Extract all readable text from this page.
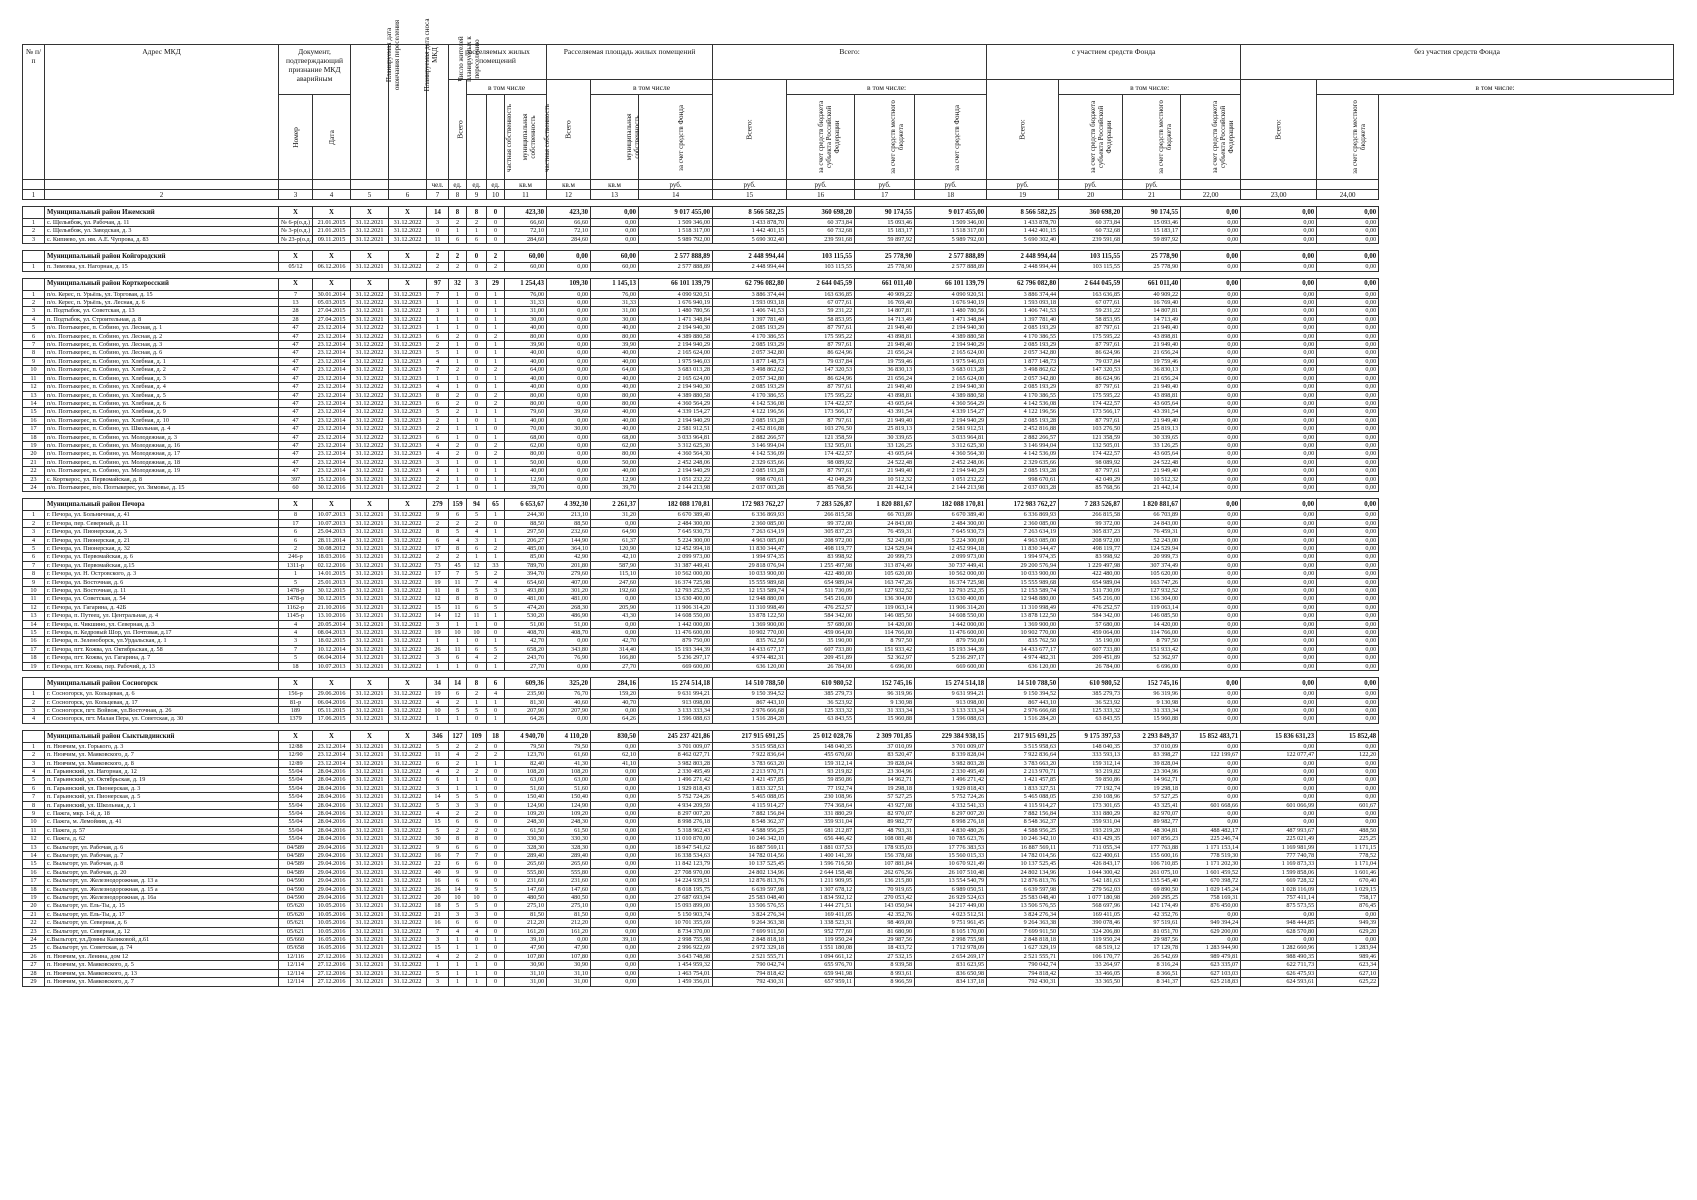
№ п/п	Адрес МКД	Документ, подтверждающий признание МКД аварийным		Планируемая дата окончания переселения	Планируемая дата сноса МКД	Число жителей планируемых к переселению	расселяемых жилых помещений				Расселяемая площадь жилых помещений			Всего:				с участием средств Фонда				без участия средств Фонда	
							Всего	в том числе			Всего	в том числе		Всего:	в том числе:			Всего:	в том числе:			Всего:	в том числе:
		Номер	Дата					частная собственность	муниципальная собственность	частная собственность		муниципальная собственность	за счет средств Фонда		за счет средств бюджета субъекта Российской Федерации	за счет средств местного бюджета	за счет средств Фонда		за счет средств бюджета субъекта Российской Федерации	за счет средств местного бюджета	за счет средств бюджета субъекта Российской Федерации		за счет средств местного бюджета
						чел.	ед.	ед.	ед.	кв.м	кв.м	кв.м	руб.	руб.	руб.	руб.	руб.	руб.	руб.	руб.			
1	2	3	4	5	6	7	8	9	10	11	12	13	14	15	16	17	18	19	20	21	22,00	23,00	24,00

	Муниципальный район Ижемский	X	X	X	X	14	8	8	0	423,30	423,30	0,00	9 017 455,00	8 566 582,25	360 698,20	90 174,55	9 017 455,00	8 566 582,25	360 698,20	90 174,55	0,00	0,00	0,00
1	с. Щельябож, ул. Рабочая, д. 11	№ 6-р(о.д.)	21.01.2015	31.12.2021	31.12.2022	3	2	2	0	66,60	66,60	0,00	1 509 346,00	1 433 878,70	60 373,84	15 093,46	1 509 346,00	1 433 878,70	60 373,84	15 093,46	0,00	0,00	0,00
2	с. Щельябож, ул. Заводская, д. 3	№ 3-р(о.д.)	21.01.2015	31.12.2021	31.12.2022	0	1	1	0	72,10	72,10	0,00	1 518 317,00	1 442 401,15	60 732,68	15 183,17	1 518 317,00	1 442 401,15	60 732,68	15 183,17	0,00	0,00	0,00
3	с. Кипиево, ул. им. А.Е. Чупрова, д. 83	№ 23-р(о.д.)	09.11.2015	31.12.2021	31.12.2022	11	6	6	0	284,60	284,60	0,00	5 989 792,00	5 690 302,40	239 591,68	59 897,92	5 989 792,00	5 690 302,40	239 591,68	59 897,92	0,00	0,00	0,00

	Муниципальный район Койгородский	X	X	X	X	2	2	0	2	60,00	0,00	60,00	2 577 888,89	2 448 994,44	103 115,55	25 778,90	2 577 888,89	2 448 994,44	103 115,55	25 778,90	0,00	0,00	0,00
1	п. Зимовка, ул. Нагорная, д. 15	05/12	06.12.2016	31.12.2021	31.12.2022	2	2	0	2	60,00	0,00	60,00	2 577 888,89	2 448 994,44	103 115,55	25 778,90	2 577 888,89	2 448 994,44	103 115,55	25 778,90	0,00	0,00	0,00

	Муниципальный район Корткеросский	X	X	X	X	97	32	3	29	1 254,43	109,30	1 145,13	66 101 139,79	62 796 082,80	2 644 045,59	661 011,40	66 101 139,79	62 796 082,80	2 644 045,59	661 011,40	0,00	0,00	0,00
1	п/о. Керес, п. Урьёль, ул. Торговая, д. 15	7	30.01.2014	31.12.2022	31.12.2023	7	1	0	1	76,00	0,00	76,00	4 090 920,51	3 886 374,44	163 636,85	40 909,22	4 090 920,51	3 886 374,44	163 636,85	40 909,22	0,00	0,00	0,00
2	п/о. Керес, п. Урьёль, ул. Лесная, д. 6	13	05.03.2015	31.12.2022	31.12.2023	1	1	0	1	31,33	0,00	31,33	1 676 940,19	1 593 093,18	67 077,61	16 769,40	1 676 940,19	1 593 093,18	67 077,61	16 769,40	0,00	0,00	0,00
3	п. Подтыбок, ул. Советская, д. 13	28	27.04.2015	31.12.2021	31.12.2022	3	1	0	1	31,00	0,00	31,00	1 480 780,56	1 406 741,53	59 231,22	14 807,81	1 480 780,56	1 406 741,53	59 231,22	14 807,81	0,00	0,00	0,00
4	п. Подтыбок, ул. Строительная, д. 8	28	27.04.2015	31.12.2021	31.12.2022	1	1	0	1	30,00	0,00	30,00	1 471 348,84	1 397 781,40	58 853,95	14 713,49	1 471 348,84	1 397 781,40	58 853,95	14 713,49	0,00	0,00	0,00
5	п/о. Позтыкерес, п. Собино, ул. Лесная, д. 1	47	23.12.2014	31.12.2022	31.12.2023	1	1	0	1	40,00	0,00	40,00	2 194 940,30	2 085 193,29	87 797,61	21 949,40	2 194 940,30	2 085 193,29	87 797,61	21 949,40	0,00	0,00	0,00
6	п/о. Позтыкерес, п. Собино, ул. Лесная, д. 2	47	23.12.2014	31.12.2022	31.12.2023	6	2	0	2	80,00	0,00	80,00	4 389 880,58	4 170 386,55	175 595,22	43 898,81	4 389 880,58	4 170 386,55	175 595,22	43 898,81	0,00	0,00	0,00
7	п/о. Позтыкерес, п. Собино, ул. Лесная, д. 3	47	23.12.2014	31.12.2022	31.12.2023	2	1	0	1	39,90	0,00	39,90	2 194 940,29	2 085 193,29	87 797,61	21 949,40	2 194 940,29	2 085 193,29	87 797,61	21 949,40	0,00	0,00	0,00
8	п/о. Позтыкерес, п. Собино, ул. Лесная, д. 6	47	23.12.2014	31.12.2022	31.12.2023	5	1	0	1	40,00	0,00	40,00	2 165 624,00	2 057 342,80	86 624,96	21 656,24	2 165 624,00	2 057 342,80	86 624,96	21 656,24	0,00	0,00	0,00
9	п/о. Позтыкерес, п. Собино, ул. Хлебная, д. 1	47	23.12.2014	31.12.2022	31.12.2023	4	1	0	1	40,00	0,00	40,00	1 975 946,03	1 877 148,73	79 037,84	19 759,46	1 975 946,03	1 877 148,73	79 037,84	19 759,46	0,00	0,00	0,00
10	п/о. Позтыкерес, п. Собино, ул. Хлебная, д. 2	47	23.12.2014	31.12.2022	31.12.2023	7	2	0	2	64,00	0,00	64,00	3 683 013,28	3 498 862,62	147 320,53	36 830,13	3 683 013,28	3 498 862,62	147 320,53	36 830,13	0,00	0,00	0,00
11	п/о. Позтыкерес, п. Собино, ул. Хлебная, д. 3	47	23.12.2014	31.12.2022	31.12.2023	1	1	0	1	40,00	0,00	40,00	2 165 624,00	2 057 342,80	86 624,96	21 656,24	2 165 624,00	2 057 342,80	86 624,96	21 656,24	0,00	0,00	0,00
12	п/о. Позтыкерес, п. Собино, ул. Хлебная, д. 4	47	23.12.2014	31.12.2022	31.12.2023	4	1	0	1	40,00	0,00	40,00	2 194 940,30	2 085 193,29	87 797,61	21 949,40	2 194 940,30	2 085 193,29	87 797,61	21 949,40	0,00	0,00	0,00
13	п/о. Позтыкерес, п. Собино, ул. Хлебная, д. 5	47	23.12.2014	31.12.2022	31.12.2023	8	2	0	2	80,00	0,00	80,00	4 389 880,58	4 170 386,55	175 595,22	43 898,81	4 389 880,58	4 170 386,55	175 595,22	43 898,81	0,00	0,00	0,00
14	п/о. Позтыкерес, п. Собино, ул. Хлебная, д. 6	47	23.12.2014	31.12.2022	31.12.2023	6	2	0	2	80,00	0,00	80,00	4 360 564,29	4 142 536,08	174 422,57	43 605,64	4 360 564,29	4 142 536,08	174 422,57	43 605,64	0,00	0,00	0,00
15	п/о. Позтыкерес, п. Собино, ул. Хлебная, д. 9	47	23.12.2014	31.12.2022	31.12.2023	5	2	1	1	79,60	39,60	40,00	4 339 154,27	4 122 196,56	173 566,17	43 391,54	4 339 154,27	4 122 196,56	173 566,17	43 391,54	0,00	0,00	0,00
16	п/о. Позтыкерес, п. Собино, ул. Хлебная, д. 10	47	23.12.2014	31.12.2022	31.12.2023	2	1	0	1	40,00	0,00	40,00	2 194 940,29	2 085 193,28	87 797,61	21 949,40	2 194 940,29	2 085 193,28	87 797,61	21 949,40	0,00	0,00	0,00
17	п/о. Позтыкерес, п. Собино, ул. Школьная, д. 4	47	23.12.2014	31.12.2022	31.12.2023	2	1	1	0	70,00	30,00	40,00	2 581 912,51	2 452 816,88	103 276,50	25 819,13	2 581 912,51	2 452 816,88	103 276,50	25 819,13	0,00	0,00	0,00
18	п/о. Позтыкерес, п. Собино, ул. Молодежная, д. 3	47	23.12.2014	31.12.2022	31.12.2023	6	1	0	1	68,00	0,00	68,00	3 033 964,81	2 882 266,57	121 358,59	30 339,65	3 033 964,81	2 882 266,57	121 358,59	30 339,65	0,00	0,00	0,00
19	п/о. Позтыкерес, п. Собино, ул. Молодежная, д. 16	47	23.12.2014	31.12.2022	31.12.2023	4	2	0	2	62,00	0,00	62,00	3 312 625,30	3 146 994,04	132 505,01	33 126,25	3 312 625,30	3 146 994,04	132 505,01	33 126,25	0,00	0,00	0,00
20	п/о. Позтыкерес, п. Собино, ул. Молодежная, д. 17	47	23.12.2014	31.12.2022	31.12.2023	4	2	0	2	80,00	0,00	80,00	4 360 564,30	4 142 536,09	174 422,57	43 605,64	4 360 564,30	4 142 536,09	174 422,57	43 605,64	0,00	0,00	0,00
21	п/о. Позтыкерес, п. Собино, ул. Молодежная, д. 18	47	23.12.2014	31.12.2022	31.12.2023	3	1	0	1	50,00	0,00	50,00	2 452 248,06	2 329 635,66	98 089,92	24 522,48	2 452 248,06	2 329 635,66	98 089,92	24 522,48	0,00	0,00	0,00
22	п/о. Позтыкерес, п. Собино, ул. Молодежная, д. 19	47	23.12.2014	31.12.2022	31.12.2023	4	1	0	1	40,00	0,00	40,00	2 194 940,29	2 085 193,28	87 797,61	21 949,40	2 194 940,29	2 085 193,28	87 797,61	21 949,40	0,00	0,00	0,00
23	с. Корткерос, ул. Первомайская, д. 8	397	15.12.2016	31.12.2021	31.12.2022	2	1	0	1	12,90	0,00	12,90	1 051 232,22	998 670,61	42 049,29	10 512,32	1 051 232,22	998 670,61	42 049,29	10 512,32	0,00	0,00	0,00
24	п/о. Позтыкерес, п/о. Позтыкерес, ул. Зимовье, д. 15	60	30.12.2016	31.12.2021	31.12.2022	2	1	0	1	39,70	0,00	39,70	2 144 213,98	2 037 003,28	85 768,56	21 442,14	2 144 213,98	2 037 003,28	85 768,56	21 442,14	0,00	0,00	0,00

	Муниципальный район Печора	X	X	X	X	279	159	94	65	6 653,67	4 392,30	2 261,37	182 088 170,81	172 983 762,27	7 283 526,87	1 820 881,67	182 088 170,81	172 983 762,27	7 283 526,87	1 820 881,67	0,00	0,00	0,00
1	г. Печора, ул. Больничная, д. 41	8	10.07.2013	31.12.2021	31.12.2022	9	6	5	1	244,30	213,10	31,20	6 670 389,40	6 336 869,93	266 815,58	66 703,89	6 670 389,40	6 336 869,93	266 815,58	66 703,89	0,00	0,00	0,00
2	г. Печора, пер. Северный, д. 11	17	10.07.2013	31.12.2021	31.12.2022	2	2	2	0	88,50	88,50	0,00	2 484 300,00	2 360 085,00	99 372,00	24 843,00	2 484 300,00	2 360 085,00	99 372,00	24 843,00	0,00	0,00	0,00
3	г. Печора, ул. Пионерская, д. 3	6	25.04.2013	31.12.2021	31.12.2022	8	5	4	1	297,50	232,60	64,90	7 645 930,73	7 263 634,19	305 837,23	76 459,31	7 645 930,73	7 263 634,19	305 837,23	76 459,31	0,00	0,00	0,00
4	г. Печора, ул. Пионерская, д. 21	6	28.11.2014	31.12.2021	31.12.2022	6	4	3	1	206,27	144,90	61,37	5 224 300,00	4 963 085,00	208 972,00	52 243,00	5 224 300,00	4 963 085,00	208 972,00	52 243,00	0,00	0,00	0,00
5	г. Печора, ул. Пионерская, д. 32	2	30.08.2012	31.12.2021	31.12.2022	17	8	6	2	485,00	364,10	120,90	12 452 994,18	11 830 344,47	498 119,77	124 529,94	12 452 994,18	11 830 344,47	498 119,77	124 529,94	0,00	0,00	0,00
6	г. Печора, ул. Первомайская, д. 6	246-р	18.03.2016	31.12.2021	31.12.2022	2	2	1	1	85,00	42,90	42,10	2 099 973,00	1 994 974,35	83 998,92	20 999,73	2 099 973,00	1 994 974,35	83 998,92	20 999,73	0,00	0,00	0,00
7	г. Печора, ул. Первомайская, д.15	1311-р	02.12.2016	31.12.2021	31.12.2022	73	45	12	33	789,70	201,80	587,90	31 387 449,41	29 818 076,94	1 255 497,98	313 874,49	30 737 449,41	29 200 576,94	1 229 497,98	307 374,49	0,00	0,00	0,00
8	г. Печора, ул. Н. Островского, д. 3	1	14.01.2015	31.12.2021	31.12.2022	17	7	5	2	394,70	279,60	115,10	10 562 000,00	10 033 900,00	422 480,00	105 620,00	10 562 000,00	10 033 900,00	422 480,00	105 620,00	0,00	0,00	0,00
9	г. Печора, ул. Восточная, д. 6	5	25.01.2013	31.12.2021	31.12.2022	19	11	7	4	654,60	407,00	247,60	16 374 725,98	15 555 989,68	654 989,04	163 747,26	16 374 725,98	15 555 989,68	654 989,04	163 747,26	0,00	0,00	0,00
10	г. Печора, ул. Восточная, д. 11	1478-р	30.12.2015	31.12.2021	31.12.2022	11	8	5	3	493,80	301,20	192,60	12 793 252,35	12 153 589,74	511 730,09	127 932,52	12 793 252,35	12 153 589,74	511 730,09	127 932,52	0,00	0,00	0,00
11	г. Печора, ул. Советская, д. 54	1478-р	30.12.2015	31.12.2021	31.12.2022	12	8	8	0	481,00	481,00	0,00	13 630 400,00	12 948 880,00	545 216,00	136 304,00	13 630 400,00	12 948 880,00	545 216,00	136 304,00	0,00	0,00	0,00
12	г. Печора, ул. Гагарина, д. 42Б	1162-р	21.10.2016	31.12.2021	31.12.2022	15	11	6	5	474,20	268,30	205,90	11 906 314,20	11 310 998,49	476 252,57	119 063,14	11 906 314,20	11 310 998,49	476 252,57	119 063,14	0,00	0,00	0,00
13	г. Печора, п. Путеец, ул. Центральная, д. 4	1145-р	13.10.2016	31.12.2021	31.12.2022	14	12	11	1	530,20	486,90	43,30	14 608 550,00	13 878 122,50	584 342,00	146 085,50	14 608 550,00	13 878 122,50	584 342,00	146 085,50	0,00	0,00	0,00
14	г. Печора, п. Чикшино, ул. Северная, д. 3	4	20.05.2014	31.12.2021	31.12.2022	3	1	1	0	51,00	51,00	0,00	1 442 000,00	1 369 900,00	57 680,00	14 420,00	1 442 000,00	1 369 900,00	57 680,00	14 420,00	0,00	0,00	0,00
15	г. Печора, п. Кедровый Шор, ул. Почтовая, д.17	4	08.04.2013	31.12.2021	31.12.2022	19	10	10	0	408,70	408,70	0,00	11 476 600,00	10 902 770,00	459 064,00	114 766,00	11 476 600,00	10 902 770,00	459 064,00	114 766,00	0,00	0,00	0,00
16	г. Печора, п. Зеленоборск, ул.Урдальская, д. 1	3	18.02.2015	31.12.2021	31.12.2022	1	1	0	1	42,70	0,00	42,70	879 750,00	835 762,50	35 190,00	8 797,50	879 750,00	835 762,50	35 190,00	8 797,50	0,00	0,00	0,00
17	г. Печора, пгт. Кожва, ул. Октябрьская, д. 58	7	10.12.2014	31.12.2021	31.12.2022	26	11	6	5	658,20	343,80	314,40	15 193 344,39	14 433 677,17	607 733,80	151 933,42	15 193 344,39	14 433 677,17	607 733,80	151 933,42	0,00	0,00	0,00
18	г. Печора, пгт. Кожва, ул. Гагарина, д. 7	5	06.04.2014	31.12.2021	31.12.2022	3	6	4	2	243,70	76,90	166,80	5 236 297,17	4 974 482,31	209 451,89	52 362,97	5 236 297,17	4 974 482,31	209 451,89	52 362,97	0,00	0,00	0,00
19	г. Печора, пгт. Кожва, пер. Рабочий, д. 13	18	10.07.2013	31.12.2021	31.12.2022	1	1	0	1	27,70	0,00	27,70	669 600,00	636 120,00	26 784,00	6 696,00	669 600,00	636 120,00	26 784,00	6 696,00	0,00	0,00	0,00

	Муниципальный район Сосногорск	X	X	X	X	34	14	8	6	609,36	325,20	284,16	15 274 514,18	14 510 788,50	610 980,52	152 745,16	15 274 514,18	14 510 788,50	610 980,52	152 745,16	0,00	0,00	0,00
1	г. Сосногорск, ул. Кольцевая, д. 6	156-р	29.06.2016	31.12.2021	31.12.2022	19	6	2	4	235,90	76,70	159,20	9 631 994,21	9 150 394,52	385 279,73	96 319,96	9 631 994,21	9 150 394,52	385 279,73	96 319,96	0,00	0,00	0,00
2	г. Сосногорск, ул. Кольцевая, д. 17	81-р	06.04.2016	31.12.2021	31.12.2022	4	2	1	1	81,30	40,60	40,70	913 098,00	867 443,10	36 523,92	9 130,98	913 098,00	867 443,10	36 523,92	9 130,98	0,00	0,00	0,00
3	г. Сосногорск, пгт. Войвож, ул.Восточная, д. 26	189	05.11.2015	31.12.2021	31.12.2022	10	5	5	0	207,90	207,90	0,00	3 133 333,34	2 976 666,68	125 333,32	31 333,34	3 133 333,34	2 976 666,68	125 333,32	31 333,34	0,00	0,00	0,00
4	г. Сосногорск, пгт. Малая Пера, ул. Советская, д. 30	1379	17.06.2015	31.12.2021	31.12.2022	1	1	0	1	64,26	0,00	64,26	1 596 088,63	1 516 284,20	63 843,55	15 960,88	1 596 088,63	1 516 284,20	63 843,55	15 960,88	0,00	0,00	0,00

	Муниципальный район Сыктывдинский	X	X	X	X	346	127	109	18	4 940,70	4 110,20	830,50	245 237 421,86	217 915 691,25	25 012 028,76	2 309 701,85	229 384 938,15	217 915 691,25	9 175 397,53	2 293 849,37	15 852 483,71	15 836 631,23	15 852,48
1	п. Нювчим, ул. Горького, д. 3	12/88	23.12.2014	31.12.2021	31.12.2022	5	2	2	0	79,50	79,50	0,00	3 701 009,07	3 515 958,63	148 040,35	37 010,09	3 701 009,07	3 515 958,63	148 040,35	37 010,09	0,00	0,00	0,00
2	п. Нювчим, ул. Маяковского, д. 7	12/90	23.12.2014	31.12.2021	31.12.2022	11	4	2	2	123,70	61,60	62,10	8 462 027,71	7 922 836,64	455 670,60	83 520,47	8 339 828,04	7 922 836,64	333 593,13	83 398,27	122 199,67	122 077,47	122,20
3	п. Нювчим, ул. Маяковского, д. 8	12/89	23.12.2014	31.12.2021	31.12.2022	6	2	1	1	82,40	41,30	41,10	3 982 803,28	3 783 663,20	159 312,14	39 828,04	3 982 803,28	3 783 663,20	159 312,14	39 828,04	0,00	0,00	0,00
4	п. Гарьинский, ул. Нагорная, д. 12	55/04	28.04.2016	31.12.2021	31.12.2022	4	2	2	0	108,20	108,20	0,00	2 330 495,49	2 213 970,71	93 219,82	23 304,96	2 330 495,49	2 213 970,71	93 219,82	23 304,96	0,00	0,00	0,00
5	п. Гарьинский, ул. Октябрьская, д. 19	55/04	28.04.2016	31.12.2021	31.12.2022	6	1	1	0	63,00	63,00	0,00	1 496 271,42	1 421 457,85	59 850,86	14 962,71	1 496 271,42	1 421 457,85	59 850,86	14 962,71	0,00	0,00	0,00
6	п. Гарьинский, ул. Пионерская, д. 3	55/04	28.04.2016	31.12.2021	31.12.2022	3	1	1	0	51,60	51,60	0,00	1 929 818,43	1 833 327,51	77 192,74	19 298,18	1 929 818,43	1 833 327,51	77 192,74	19 298,18	0,00	0,00	0,00
7	п. Гарьинский, ул. Пионерская, д. 5	55/04	28.04.2016	31.12.2021	31.12.2022	14	5	5	0	150,40	150,40	0,00	5 752 724,26	5 465 088,05	230 108,96	57 527,25	5 752 724,26	5 465 088,05	230 108,96	57 527,25	0,00	0,00	0,00
8	п. Гарьинский, ул. Школьная, д. 1	55/04	28.04.2016	31.12.2021	31.12.2022	5	3	3	0	124,90	124,90	0,00	4 934 209,59	4 115 914,27	774 368,64	43 927,08	4 332 541,33	4 115 914,27	173 301,65	43 325,41	601 668,66	601 066,99	601,67
9	с. Пажга, мкр. 1-й, д. 18	55/04	28.04.2016	31.12.2021	31.12.2022	4	2	2	0	109,20	109,20	0,00	8 297 007,20	7 882 156,84	331 880,29	82 970,07	8 297 007,20	7 882 156,84	331 880,29	82 970,07	0,00	0,00	0,00
10	с. Пажга, м. Лемойяив, д. 41	55/04	28.04.2016	31.12.2021	31.12.2022	15	6	6	0	248,30	248,30	0,00	8 998 276,18	8 548 362,37	359 931,04	89 982,77	8 998 276,18	8 548 362,37	359 931,04	89 982,77	0,00	0,00	0,00
11	с. Пажга, д. 57	55/04	28.04.2016	31.12.2021	31.12.2022	5	2	2	0	61,50	61,50	0,00	5 318 962,43	4 588 956,25	681 212,87	48 793,31	4 830 480,26	4 588 956,25	193 219,20	48 304,81	488 482,17	487 993,67	488,50
12	с. Пажга, д. 62	55/04	28.04.2016	31.12.2021	31.12.2022	30	8	8	0	330,30	330,30	0,00	11 010 870,00	10 246 342,10	656 446,42	108 081,48	10 785 623,76	10 246 342,10	431 429,35	107 856,23	225 246,74	225 021,49	225,25
13	с. Выльгорт, ул. Рабочая, д. 6	04/589	29.04.2016	31.12.2021	31.12.2022	9	6	6	0	328,30	328,30	0,00	18 947 541,62	16 887 569,11	1 881 037,53	178 935,03	17 776 383,53	16 887 569,11	711 055,34	177 763,88	1 171 153,14	1 169 981,99	1 171,15
14	с. Выльгорт, ул. Рабочая, д. 7	04/589	29.04.2016	31.12.2021	31.12.2022	16	7	7	0	289,40	289,40	0,00	16 338 534,63	14 782 014,56	1 400 141,39	156 378,68	15 560 015,33	14 782 014,56	622 400,61	155 600,16	778 519,30	777 740,78	778,52
15	с. Выльгорт, ул. Рабочая, д. 8	04/589	29.04.2016	31.12.2021	31.12.2022	22	6	6	0	265,60	265,60	0,00	11 842 123,79	10 137 525,45	1 596 716,50	107 881,84	10 670 921,49	10 137 525,45	426 843,17	106 710,85	1 171 202,30	1 169 873,33	1 171,04
16	с. Выльгорт, ул. Рабочая, д. 20	04/589	29.04.2016	31.12.2021	31.12.2022	40	9	9	0	555,80	555,80	0,00	27 708 970,00	24 802 134,96	2 644 158,48	262 676,56	26 107 510,48	24 802 134,96	1 044 300,42	261 075,10	1 601 459,52	1 599 858,06	1 601,46
17	с. Выльгорт, ул. Железнодорожная, д. 13 а	04/590	29.04.2016	31.12.2021	31.12.2022	16	6	6	0	231,60	231,60	0,00	14 224 939,51	12 876 813,76	1 211 909,95	136 215,80	13 554 540,79	12 876 813,76	542 181,63	135 545,40	670 398,72	669 728,32	670,40
18	с. Выльгорт, ул. Железнодорожная, д. 15 а	04/590	29.04.2016	31.12.2021	31.12.2022	26	14	9	5	147,60	147,60	0,00	8 018 195,75	6 639 597,98	1 307 678,12	70 919,65	6 989 050,51	6 639 597,98	279 562,03	69 890,50	1 029 145,24	1 028 116,09	1 029,15
19	с. Выльгорт, ул. Железнодорожная, д. 16а	04/590	29.04.2016	31.12.2021	31.12.2022	20	10	10	0	480,50	480,50	0,00	27 687 693,94	25 583 048,40	1 834 592,12	270 053,42	26 929 524,63	25 583 048,40	1 077 180,98	269 295,25	758 169,31	757 411,14	758,17
20	с. Выльгорт, ул. Ель-Ты, д. 15	05/620	10.05.2016	31.12.2021	31.12.2022	18	5	5	0	275,10	275,10	0,00	15 093 899,00	13 506 576,55	1 444 271,51	143 050,94	14 217 449,00	13 506 576,55	568 697,96	142 174,49	876 450,00	875 573,55	876,45
21	с. Выльгорт, ул. Ель-Ты, д. 17	05/620	10.05.2016	31.12.2021	31.12.2022	21	3	3	0	81,50	81,50	0,00	5 150 903,74	3 824 276,34	169 411,05	42 352,76	4 023 512,51	3 824 276,34	169 411,05	42 352,76	0,00	0,00	0,00
22	с. Выльгорт, ул. Северная, д. 6	05/621	10.05.2016	31.12.2021	31.12.2022	16	6	6	0	212,20	212,20	0,00	10 701 355,69	9 264 363,38	1 338 523,31	98 469,00	9 751 961,45	9 264 363,38	390 078,46	97 519,61	949 394,24	948 444,85	949,39
23	с. Выльгорт, ул. Северная, д. 12	05/621	10.05.2016	31.12.2021	31.12.2022	7	4	4	0	161,20	161,20	0,00	8 734 370,00	7 699 911,50	952 777,60	81 680,90	8 105 170,00	7 699 911,50	324 206,80	81 051,70	629 200,00	628 570,80	629,20
24	с.Выльгорт, ул.Домны Каликовой, д.61	05/660	16.05.2016	31.12.2021	31.12.2022	3	1	0	1	39,10	0,00	39,10	2 998 755,98	2 848 818,18	119 950,24	29 987,56	2 998 755,98	2 848 818,18	119 950,24	29 987,56	0,00	0,00	0,00
25	с. Выльгорт, ул. Советская, д. 74	05/658	16.05.2016	31.12.2021	31.12.2022	15	1	1	0	47,90	47,90	0,00	2 996 922,69	2 972 329,18	1 551 180,08	18 433,72	1 712 978,09	1 627 329,19	68 519,12	17 129,78	1 283 944,90	1 282 660,96	1 283,94
26	п. Нювчим, ул. Ленина, дом 12	12/116	27.12.2016	31.12.2021	31.12.2022	4	2	2	0	107,80	107,80	0,00	3 643 748,98	2 521 555,71	1 094 661,12	27 532,15	2 654 269,17	2 521 555,71	106 170,77	26 542,69	989 479,81	988 490,35	989,46
27	п. Нювчим, ул. Маяковского, д. 5	12/114	27.12.2016	31.12.2021	31.12.2022	1	1	1	0	30,90	30,90	0,00	1 454 959,32	790 042,74	655 976,70	8 939,58	831 623,95	790 042,74	33 264,97	8 316,24	623 335,07	622 711,73	623,34
28	п. Нювчим, ул. Маяковского, д. 13	12/114	27.12.2016	31.12.2021	31.12.2022	5	1	1	0	31,10	31,10	0,00	1 463 754,01	794 818,42	659 941,98	8 993,61	836 650,98	794 818,42	33 466,05	8 366,51	627 103,03	626 475,93	627,10
29	п. Нювчим, ул. Маяковского, д. 7	12/114	27.12.2016	31.12.2021	31.12.2022	3	1	1	0	31,00	31,00	0,00	1 459 356,01	792 430,31	657 959,11	8 966,59	834 137,18	792 430,31	33 365,50	8 341,37	625 218,83	624 593,61	625,22
